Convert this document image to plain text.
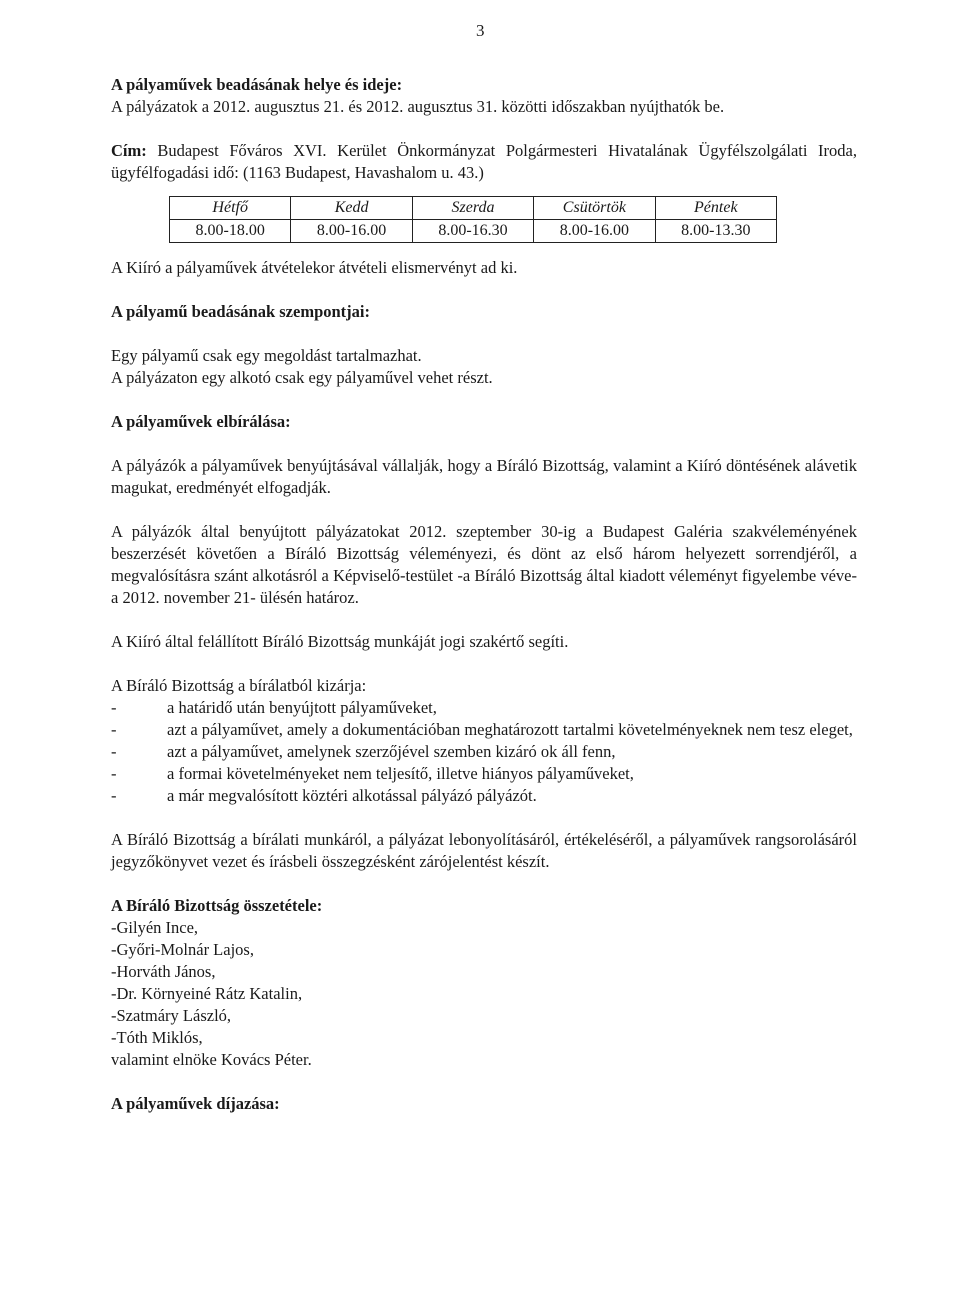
3

A pályaművek beadásának helye és ideje:

A pályázatok a 2012. augusztus 21. és 2012. augusztus 31. közötti időszakban nyújthatók be.

Cím: Budapest Főváros XVI. Kerület Önkormányzat Polgármesteri Hivatalának Ügyfélszolgálati Iroda, ügyfélfogadási idő: (1163 Budapest, Havashalom u. 43.)

Hétfő	Kedd	Szerda	Csütörtök	Péntek
8.00-18.00	8.00-16.00	8.00-16.30	8.00-16.00	8.00-13.30

A Kiíró a pályaművek átvételekor átvételi elismervényt ad ki.

A pályamű beadásának szempontjai:

Egy pályamű csak egy megoldást tartalmazhat.

A pályázaton egy alkotó csak egy pályaművel vehet részt.

A pályaművek elbírálása:

A pályázók a pályaművek benyújtásával vállalják, hogy a Bíráló Bizottság, valamint a Kiíró döntésének alávetik magukat, eredményét elfogadják.

A pályázók által benyújtott pályázatokat 2012. szeptember 30-ig a Budapest Galéria szakvéleményének beszerzését követően a Bíráló Bizottság véleményezi, és dönt az első három helyezett sorrendjéről, a megvalósításra szánt alkotásról a Képviselő-testület -a Bíráló Bizottság által kiadott véleményt figyelembe véve- a 2012. november 21- ülésén határoz.

A Kiíró által felállított Bíráló Bizottság munkáját jogi szakértő segíti.

A Bíráló Bizottság a bírálatból kizárja:

- a határidő után benyújtott pályaműveket,
- azt a pályaművet, amely a dokumentációban meghatározott tartalmi követelményeknek nem tesz eleget,
- azt a pályaművet, amelynek szerzőjével szemben kizáró ok áll fenn,
- a formai követelményeket nem teljesítő, illetve hiányos pályaműveket,
- a már megvalósított köztéri alkotással pályázó pályázót.

A Bíráló Bizottság a bírálati munkáról, a pályázat lebonyolításáról, értékeléséről, a pályaművek rangsorolásáról jegyzőkönyvet vezet és írásbeli összegzésként zárójelentést készít.

A Bíráló Bizottság összetétele:

-Gilyén Ince,

-Győri-Molnár Lajos,

-Horváth János,

-Dr. Környeiné Rátz Katalin,

-Szatmáry László,

-Tóth Miklós,

valamint elnöke Kovács Péter.

A pályaművek díjazása:
